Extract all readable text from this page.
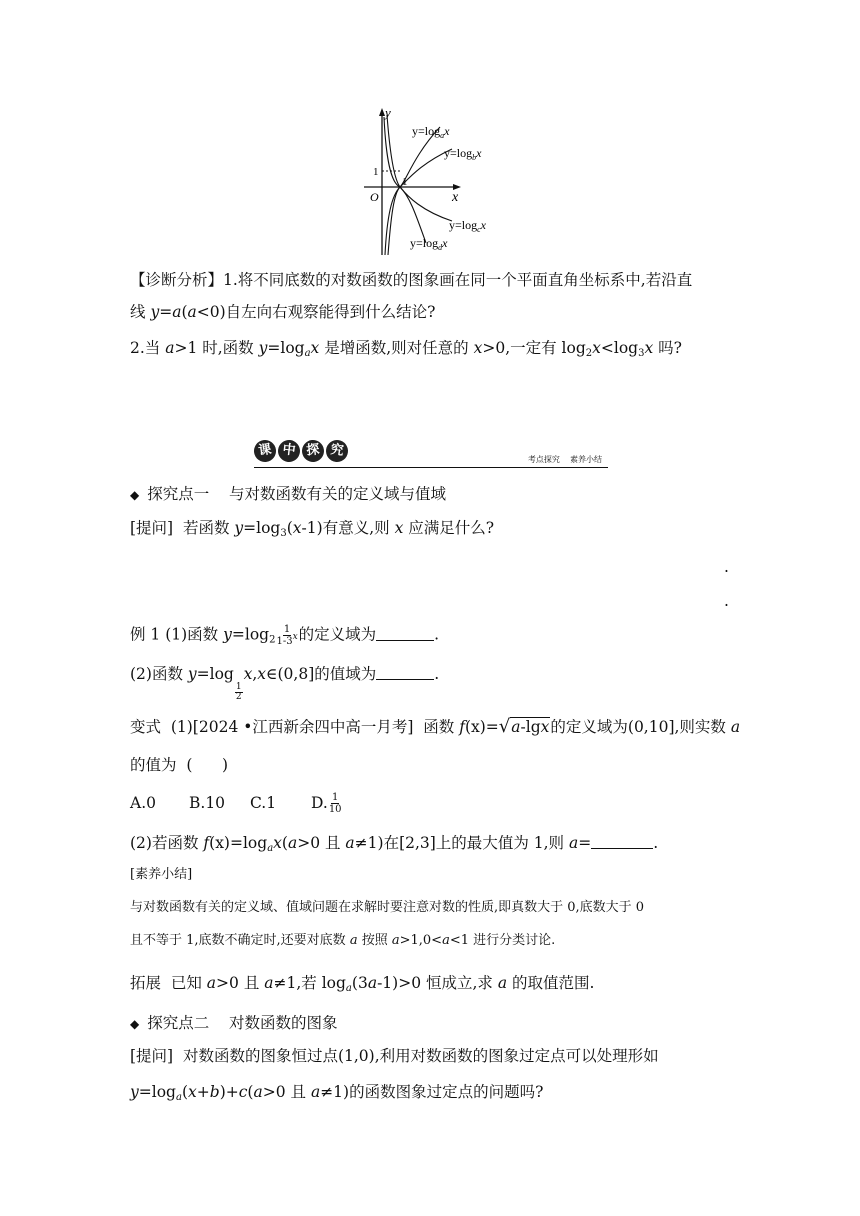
y
x
O
1
1
$y=\log_ax$
$y=\log_bx$
$y=\log_cx$
$y=\log_dx$
【诊断分析】1.将不同底数的对数函数的图象画在同一个平面直角坐标系中,若沿直
线 y=a(a<0)自左向右观察能得到什么结论?
2.当 a>1 时,函数 $y=\log_ax$ 是增函数,则对任意的 x>0,一定有 $\log_2x<\log_3x$ 吗?
课 中 探 究
考点探究    素养小结
◆ 探究点一    与对数函数有关的定义域与值域
[提问]  若函数 $y=\log_3(x-1)$有意义,则 x 应满足什么?
.
.
例 1 (1)函数 $y=\log_2 \frac{1}{1-3^x}$ 的定义域为	.
(2)函数 y=log
$\frac{1}{2}$
x,x∈(0,8]的值域为	.
变式  (1)[2024 •江西新余四中高一月考]  函数 f(x)=√a-lgx的定义域为(0,10],则实数 a
的值为  (      )
A.0 B.10 C.1 D. $\frac{1}{10}$
(2)若函数 $f(x)=\log_ax(a>0$ 且 a≠1)在[2,3]上的最大值为 1,则 a=	.
[素养小结]
与对数函数有关的定义域、值域问题在求解时要注意对数的性质,即真数大于 0,底数大于 0
且不等于 1,底数不确定时,还要对底数 a 按照 a>1,0<a<1 进行分类讨论.
拓展  已知 a>0 且 a≠1,若 $\log_a(3a-1)>0$ 恒成立,求 a 的取值范围.
◆ 探究点二    对数函数的图象
[提问]  对数函数的图象恒过点(1,0),利用对数函数的图象过定点可以处理形如
$y=\log_a(x+b)+c(a>0$ 且 a≠1)的函数图象过定点的问题吗?
